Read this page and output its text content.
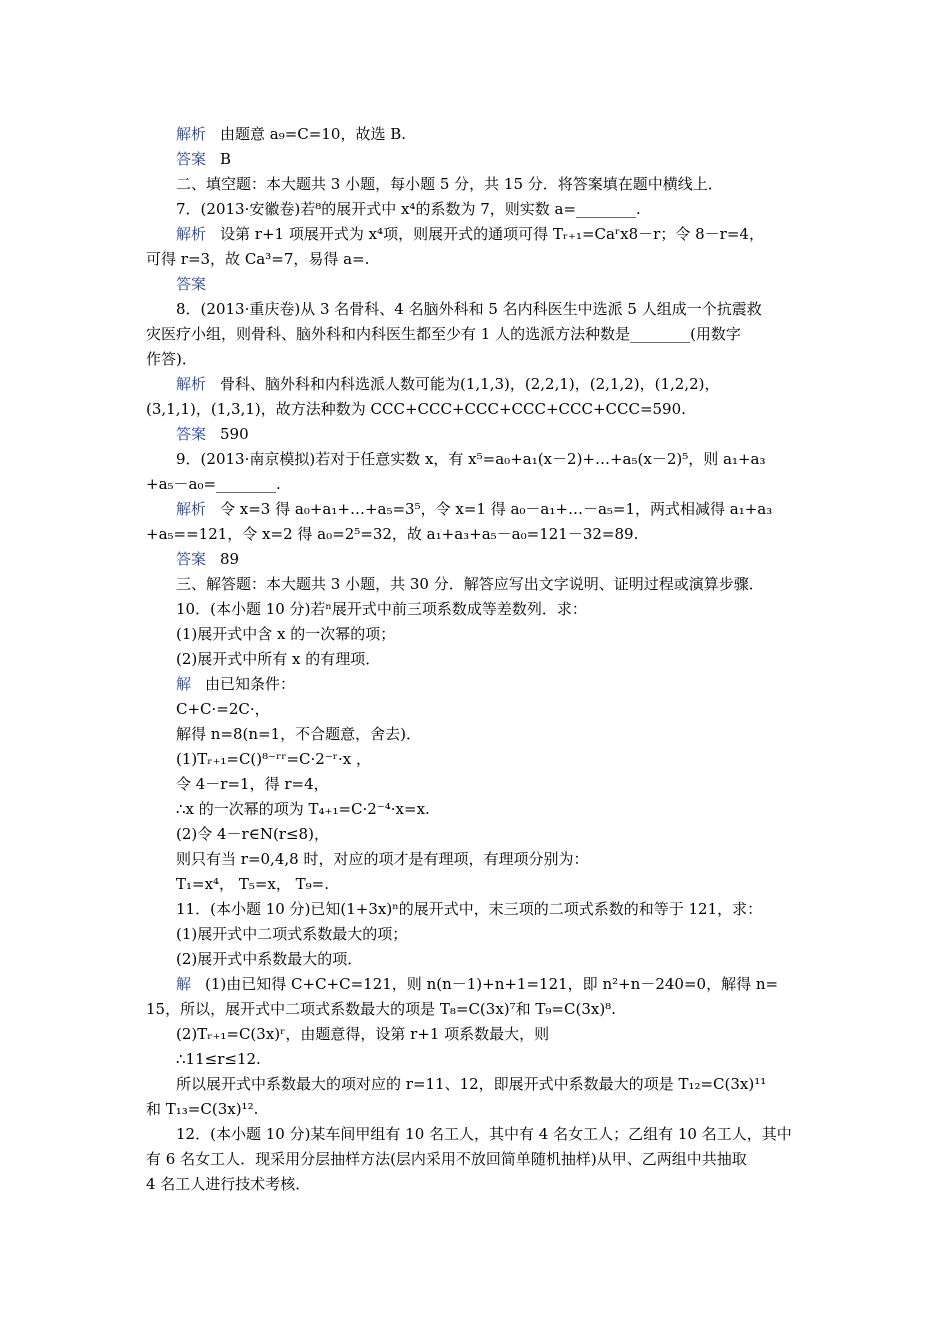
解析 由题意 a₉=C=10，故选 B.
答案 B
二、填空题：本大题共 3 小题，每小题 5 分，共 15 分．将答案填在题中横线上．
7．(2013·安徽卷)若⁸的展开式中 x⁴的系数为 7，则实数 a=________.
解析 设第 r+1 项展开式为 x⁴项，则展开式的通项可得 Tᵣ₊₁=Caʳx8－r；令 8－r=4，
可得 r=3，故 Ca³=7，易得 a=.
答案
8．(2013·重庆卷)从 3 名骨科、4 名脑外科和 5 名内科医生中选派 5 人组成一个抗震救
灾医疗小组，则骨科、脑外科和内科医生都至少有 1 人的选派方法种数是________(用数字
作答)．
解析 骨科、脑外科和内科选派人数可能为(1,1,3)，(2,2,1)，(2,1,2)，(1,2,2)，
(3,1,1)，(1,3,1)，故方法种数为 CCC+CCC+CCC+CCC+CCC+CCC=590.
答案 590
9．(2013·南京模拟)若对于任意实数 x，有 x⁵=a₀+a₁(x－2)+…+a₅(x－2)⁵，则 a₁+a₃
+a₅－a₀=________.
解析 令 x=3 得 a₀+a₁+…+a₅=3⁵，令 x=1 得 a₀－a₁+…－a₅=1，两式相减得 a₁+a₃
+a₅==121，令 x=2 得 a₀=2⁵=32，故 a₁+a₃+a₅－a₀=121－32=89.
答案 89
三、解答题：本大题共 3 小题，共 30 分．解答应写出文字说明、证明过程或演算步骤．
10．(本小题 10 分)若ⁿ展开式中前三项系数成等差数列．求：
(1)展开式中含 x 的一次幂的项；
(2)展开式中所有 x 的有理项．
解 由已知条件：
C+C·=2C·，
解得 n=8(n=1，不合题意，舍去)．
(1)Tᵣ₊₁=C()⁸⁻ʳʳ=C·2⁻ʳ·x ，
令 4－r=1，得 r=4，
∴x 的一次幂的项为 T₄₊₁=C·2⁻⁴·x=x.
(2)令 4－r∈N(r≤8)，
则只有当 r=0,4,8 时，对应的项才是有理项，有理项分别为：
T₁=x⁴， T₅=x， T₉=.
11．(本小题 10 分)已知(1+3x)ⁿ的展开式中，末三项的二项式系数的和等于 121，求：
(1)展开式中二项式系数最大的项；
(2)展开式中系数最大的项．
解 (1)由已知得 C+C+C=121，则 n(n－1)+n+1=121，即 n²+n－240=0，解得 n=
15，所以，展开式中二项式系数最大的项是 T₈=C(3x)⁷和 T₉=C(3x)⁸.
(2)Tᵣ₊₁=C(3x)ʳ，由题意得，设第 r+1 项系数最大，则
∴11≤r≤12.
所以展开式中系数最大的项对应的 r=11、12，即展开式中系数最大的项是 T₁₂=C(3x)¹¹
和 T₁₃=C(3x)¹².
12．(本小题 10 分)某车间甲组有 10 名工人，其中有 4 名女工人；乙组有 10 名工人，其中
有 6 名女工人．现采用分层抽样方法(层内采用不放回简单随机抽样)从甲、乙两组中共抽取
4 名工人进行技术考核．
